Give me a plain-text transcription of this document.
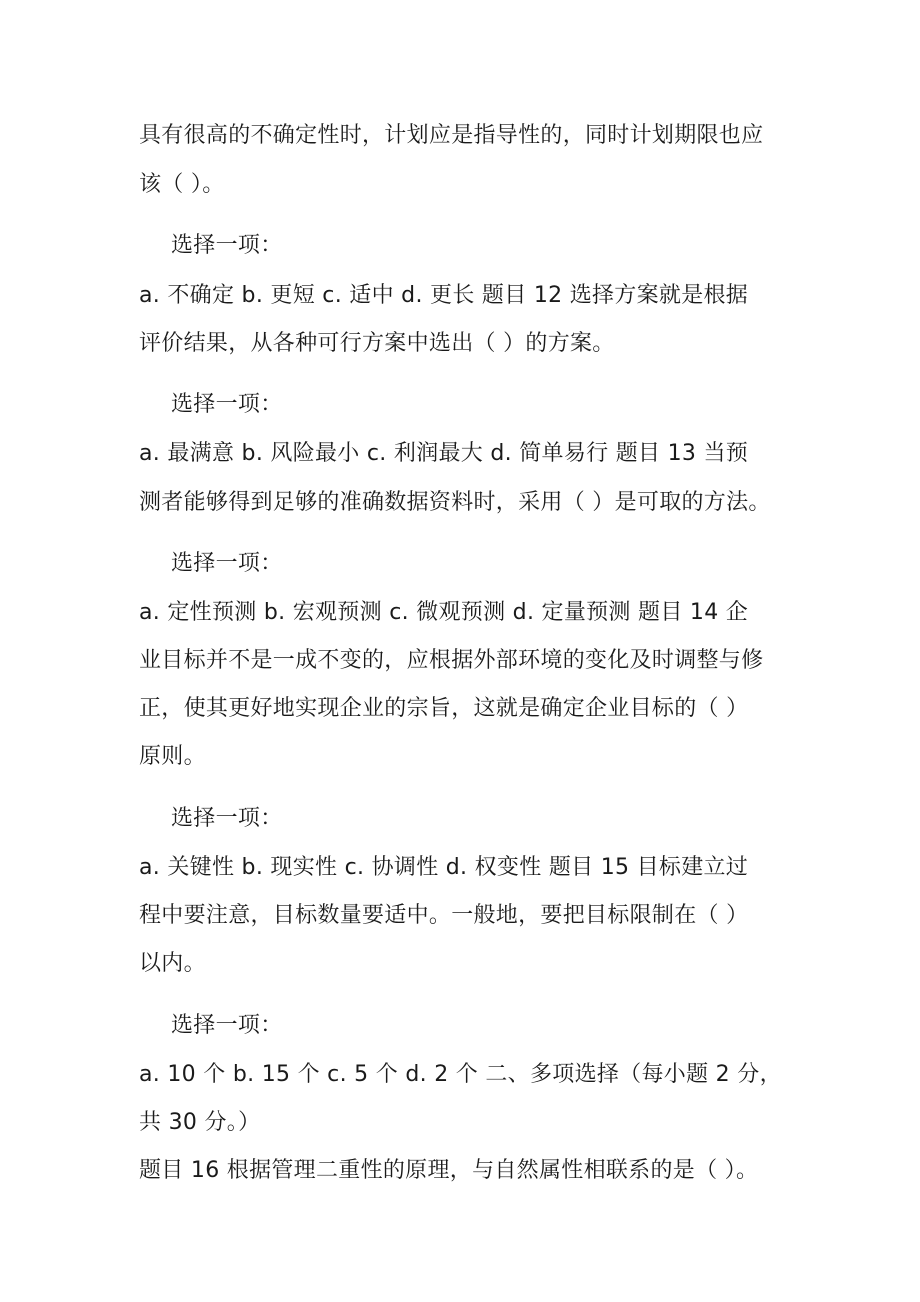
具有很高的不确定性时，计划应是指导性的，同时计划期限也应
该（ ）。
选择一项：
a. 不确定 b. 更短 c. 适中 d. 更长 题目 12 选择方案就是根据
评价结果，从各种可行方案中选出（ ）的方案。
选择一项：
a. 最满意 b. 风险最小 c. 利润最大 d. 简单易行 题目 13 当预
测者能够得到足够的准确数据资料时，采用（ ）是可取的方法。
选择一项：
a. 定性预测 b. 宏观预测 c. 微观预测 d. 定量预测 题目 14 企
业目标并不是一成不变的，应根据外部环境的变化及时调整与修
正，使其更好地实现企业的宗旨，这就是确定企业目标的（ ）
原则。
选择一项：
a. 关键性 b. 现实性 c. 协调性 d. 权变性 题目 15 目标建立过
程中要注意，目标数量要适中。一般地，要把目标限制在（ ）
以内。
选择一项：
a. 10 个 b. 15 个 c. 5 个 d. 2 个 二、多项选择（每小题 2 分，
共 30 分。）
题目 16 根据管理二重性的原理，与自然属性相联系的是（ ）。
